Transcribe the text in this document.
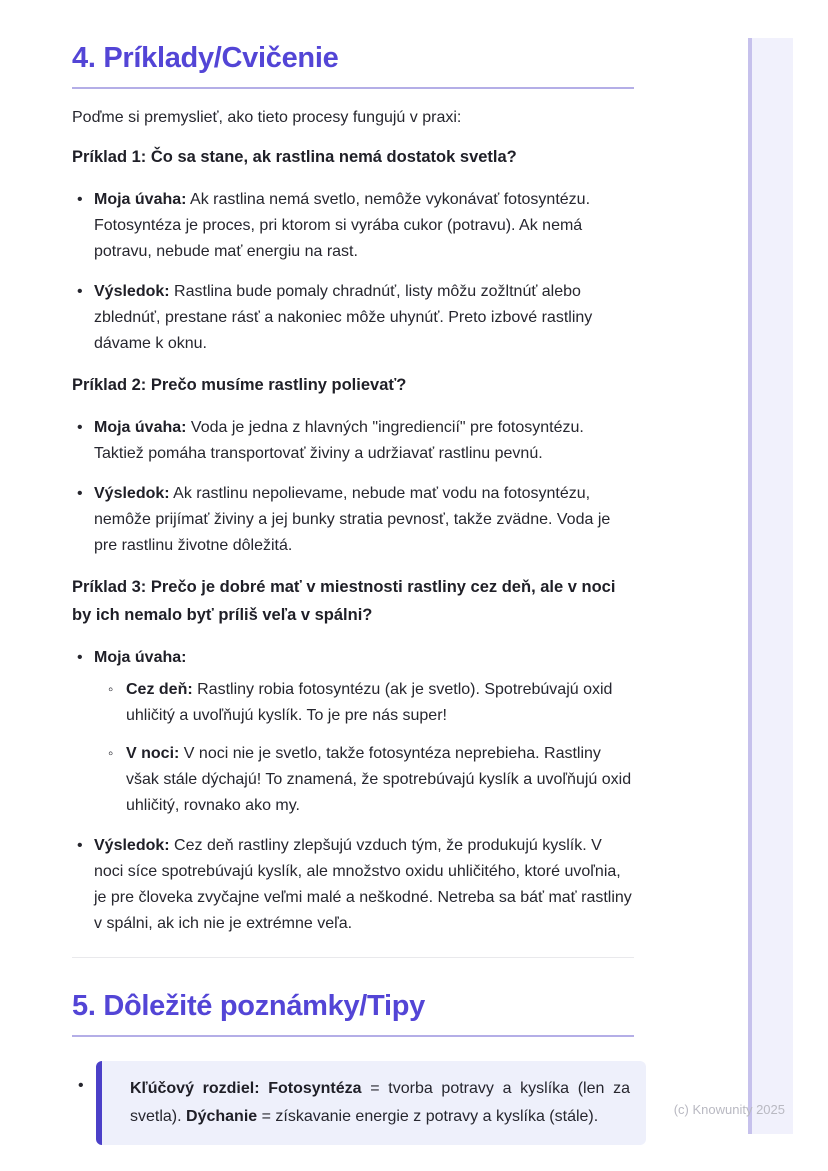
4. Príklady/Cvičenie

Poďme si premyslieť, ako tieto procesy fungujú v praxi:

Príklad 1: Čo sa stane, ak rastlina nemá dostatok svetla?
• Moja úvaha: Ak rastlina nemá svetlo, nemôže vykonávať fotosyntézu. Fotosyntéza je proces, pri ktorom si vyrába cukor (potravu). Ak nemá potravu, nebude mať energiu na rast.
• Výsledok: Rastlina bude pomaly chradnúť, listy môžu zožltnúť alebo zblednúť, prestane rásť a nakoniec môže uhynúť. Preto izbové rastliny dávame k oknu.
Príklad 2: Prečo musíme rastliny polievať?
• Moja úvaha: Voda je jedna z hlavných "ingrediencií" pre fotosyntézu. Taktiež pomáha transportovať živiny a udržiavať rastlinu pevnú.
• Výsledok: Ak rastlinu nepolievame, nebude mať vodu na fotosyntézu, nemôže prijímať živiny a jej bunky stratia pevnosť, takže zvädne. Voda je pre rastlinu životne dôležitá.
Príklad 3: Prečo je dobré mať v miestnosti rastliny cez deň, ale v noci by ich nemalo byť príliš veľa v spálni?
• Moja úvaha:
◦ Cez deň: Rastliny robia fotosyntézu (ak je svetlo). Spotrebúvajú oxid uhličitý a uvoľňujú kyslík. To je pre nás super!
◦ V noci: V noci nie je svetlo, takže fotosyntéza neprebieha. Rastliny však stále dýchajú! To znamená, že spotrebúvajú kyslík a uvoľňujú oxid uhličitý, rovnako ako my.
• Výsledok: Cez deň rastliny zlepšujú vzduch tým, že produkujú kyslík. V noci síce spotrebúvajú kyslík, ale množstvo oxidu uhličitého, ktoré uvoľnia, je pre človeka zvyčajne veľmi malé a neškodné. Netreba sa báť mať rastliny v spálni, ak ich nie je extrémne veľa.
5. Dôležité poznámky/Tipy
• Kľúčový rozdiel: Fotosyntéza = tvorba potravy a kyslíka (len za svetla). Dýchanie = získavanie energie z potravy a kyslíka (stále).	(c) Knowunity 2025
